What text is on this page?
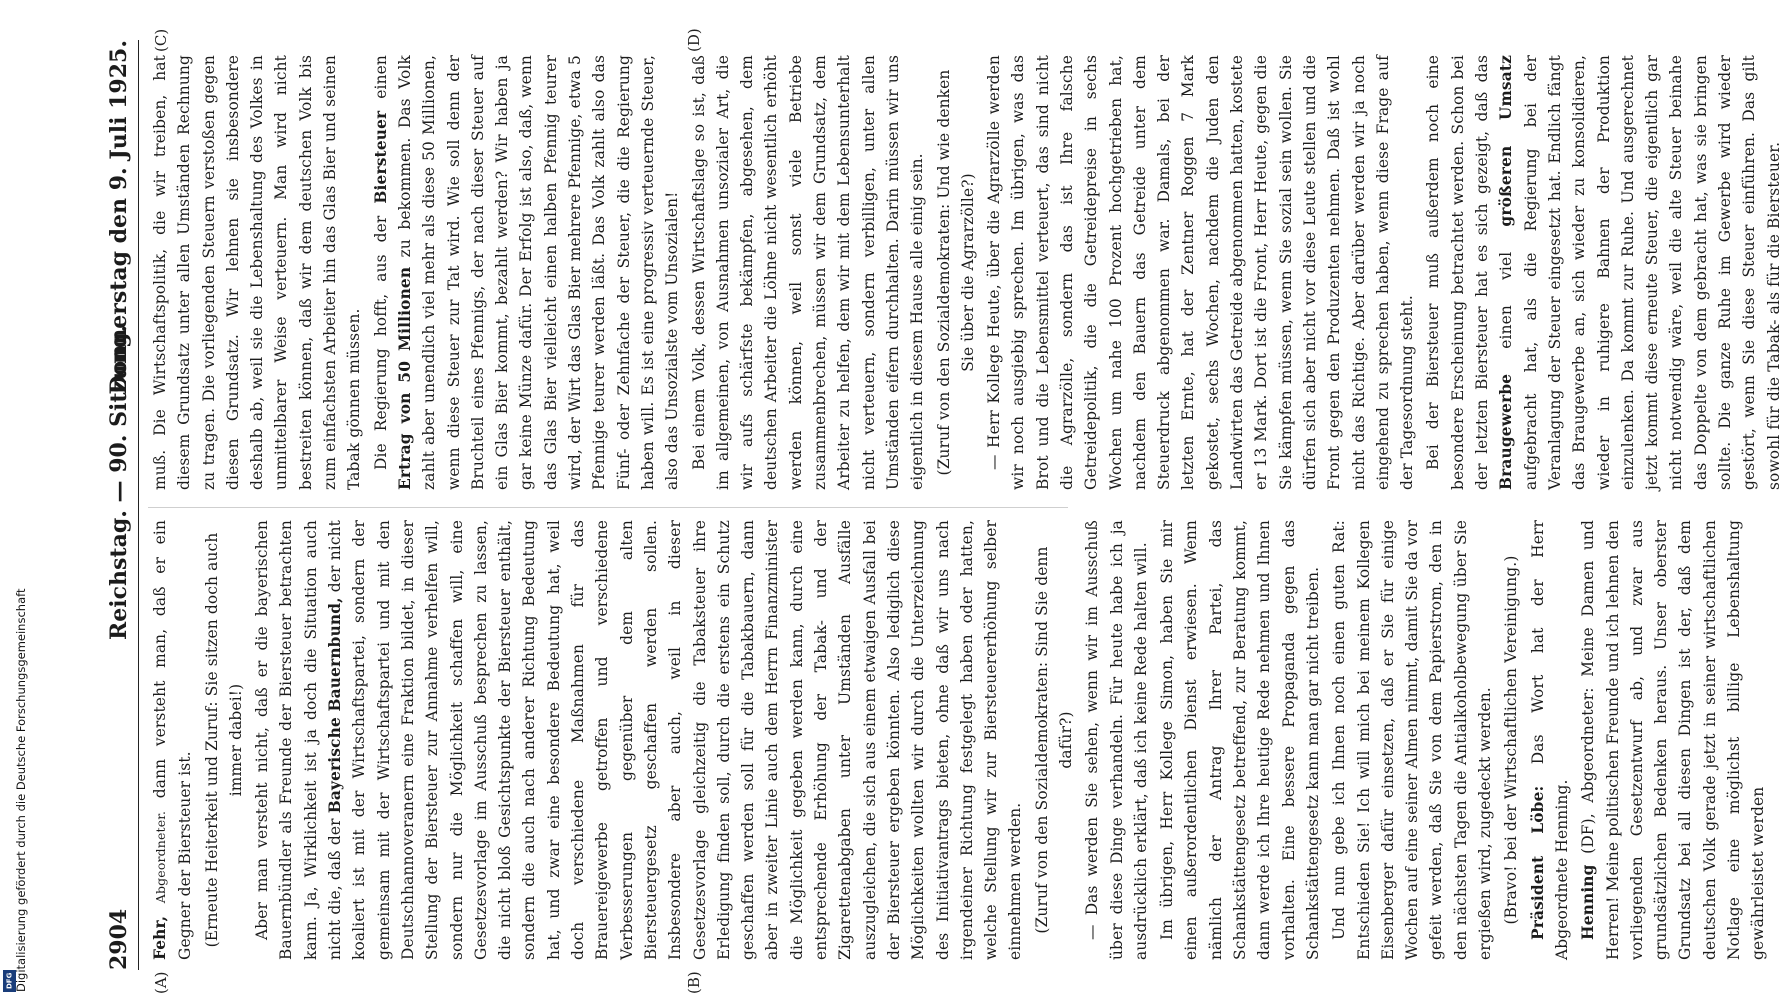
2904
Reichstag. — 90. Sitzung.
Donnerstag den 9. Juli 1925.
(A)	(B)
(C)	(D)

Fehr, Abgeordneter. dann versteht man, daß er ein Gegner der Biersteuer ist. (Erneute Heiterkeit und Zuruf: Sie sitzen doch auch immer dabei!) Aber man versteht nicht, daß er die bayerischen Bauernbündler als Freunde der Biersteuer betrachten kann. Ja, Wirklichkeit ist ja doch die Situation auch nicht die, daß der Bayerische Bauernbund, der nicht koaliert ist mit der Wirtschaftspartei, sondern der gemeinsam mit der Wirtschaftspartei und mit den Deutschhannoveranern eine Fraktion bildet, in dieser Stellung der Biersteuer zur Annahme verhelfen will, sondern nur die Möglichkeit schaffen will, eine Gesetzesvorlage im Ausschuß besprechen zu lassen, die nicht bloß Gesichtspunkte der Biersteuer enthält, sondern die auch nach anderer Richtung Bedeutung hat, und zwar eine besondere Bedeutung hat, weil doch verschiedene Maßnahmen für das Brauereigewerbe getroffen und verschiedene Verbesserungen gegenüber dem alten Biersteuergesetz geschaffen werden sollen. Insbesondere aber auch, weil in dieser Gesetzesvorlage gleichzeitig die Tabaksteuer ihre Erledigung finden soll, durch die erstens ein Schutz geschaffen werden soll für die Tabakbauern, dann aber in zweiter Linie auch dem Herrn Finanzminister die Möglichkeit gegeben werden kann, durch eine entsprechende Erhöhung der Tabak- und der Zigarettenabgaben unter Umständen Ausfälle auszugleichen, die sich aus einem etwaigen Ausfall bei der Biersteuer ergeben könnten. Also lediglich diese Möglichkeiten wollten wir durch die Unterzeichnung des Initiativantrags bieten, ohne daß wir uns nach irgendeiner Richtung festgelegt haben oder hatten, welche Stellung wir zur Biersteuererhöhung selber einnehmen werden. (Zuruf von den Sozialdemokraten: Sind Sie denn dafür?) — Das werden Sie sehen, wenn wir im Ausschuß über diese Dinge verhandeln. Für heute habe ich ja ausdrücklich erklärt, daß ich keine Rede halten will. Im übrigen, Herr Kollege Simon, haben Sie mir einen außerordentlichen Dienst erwiesen. Wenn nämlich der Antrag Ihrer Partei, das Schankstättengesetz betreffend, zur Beratung kommt, dann werde ich Ihre heutige Rede nehmen und Ihnen vorhalten. Eine bessere Propaganda gegen das Schankstättengesetz kann man gar nicht treiben. Und nun gebe ich Ihnen noch einen guten Rat: Entschieden Sie! Ich will mich bei meinem Kollegen Eisenberger dafür einsetzen, daß er Sie für einige Wochen auf eine seiner Almen nimmt, damit Sie da vor gefeit werden, daß Sie von dem Papierstrom, den in den nächsten Tagen die Antialkoholbewegung über Sie ergießen wird, zugedeckt werden. (Bravo! bei der Wirtschaftlichen Vereinigung.) Präsident Löbe: Das Wort hat der Herr Abgeordnete Henning. Henning (DF), Abgeordneter: Meine Damen und Herren! Meine politischen Freunde und ich lehnen den vorliegenden Gesetzentwurf ab, und zwar aus grundsätzlichen Bedenken heraus. Unser oberster Grundsatz bei all diesen Dingen ist der, daß dem deutschen Volk gerade jetzt in seiner wirtschaftlichen Notlage eine möglichst billige Lebenshaltung gewährleistet werden

muß. Die Wirtschaftspolitik, die wir treiben, hat diesem Grundsatz unter allen Umständen Rechnung zu tragen. Die vorliegenden Steuern verstoßen gegen diesen Grundsatz. Wir lehnen sie insbesondere deshalb ab, weil sie die Lebenshaltung des Volkes in unmittelbarer Weise verteuern. Man wird nicht bestreiten können, daß wir dem deutschen Volk bis zum einfachsten Arbeiter hin das Glas Bier und seinen Tabak gönnen müssen. Die Regierung hofft, aus der Biersteuer einen Ertrag von 50 Millionen zu bekommen. Das Volk zahlt aber unendlich viel mehr als diese 50 Millionen, wenn diese Steuer zur Tat wird. Wie soll denn der Bruchteil eines Pfennigs, der nach dieser Steuer auf ein Glas Bier kommt, bezahlt werden? Wir haben ja gar keine Münze dafür. Der Erfolg ist also, daß, wenn das Glas Bier vielleicht einen halben Pfennig teurer wird, der Wirt das Glas Bier mehrere Pfennige, etwa 5 Pfennige teurer werden läßt. Das Volk zahlt also das Fünf- oder Zehnfache der Steuer, die die Regierung haben will. Es ist eine progressiv verteuernde Steuer, also das Unsozialste vom Unsozialen! Bei einem Volk, dessen Wirtschaftslage so ist, daß im allgemeinen, von Ausnahmen unsozialer Art, die wir aufs schärfste bekämpfen, abgesehen, dem deutschen Arbeiter die Löhne nicht wesentlich erhöht werden können, weil sonst viele Betriebe zusammenbrechen, müssen wir dem Grundsatz, dem Arbeiter zu helfen, dem wir mit dem Lebensunterhalt nicht verteuern, sondern verbilligen, unter allen Umständen eifern durchhalten. Darin müssen wir uns eigentlich in diesem Hause alle einig sein. (Zuruf von den Sozialdemokraten: Und wie denken Sie über die Agrarzölle?) — Herr Kollege Heute, über die Agrarzölle werden wir noch ausgiebig sprechen. Im übrigen, was das Brot und die Lebensmittel verteuert, das sind nicht die Agrarzölle, sondern das ist Ihre falsche Getreidepolitik, die die Getreidepreise in sechs Wochen um nahe 100 Prozent hochgetrieben hat, nachdem den Bauern das Getreide unter dem Steuerdruck abgenommen war. Damals, bei der letzten Ernte, hat der Zentner Roggen 7 Mark gekostet, sechs Wochen, nachdem die Juden den Landwirten das Getreide abgenommen hatten, kostete er 13 Mark. Dort ist die Front, Herr Heute, gegen die Sie kämpfen müssen, wenn Sie sozial sein wollen. Sie dürfen sich aber nicht vor diese Leute stellen und die Front gegen den Produzenten nehmen. Daß ist wohl nicht das Richtige. Aber darüber werden wir ja noch eingehend zu sprechen haben, wenn diese Frage auf der Tagesordnung steht. Bei der Biersteuer muß außerdem noch eine besondere Erscheinung betrachtet werden. Schon bei der letzten Biersteuer hat es sich gezeigt, daß das Braugewerbe einen viel größeren Umsatz aufgebracht hat, als die Regierung bei der Veranlagung der Steuer eingesetzt hat. Endlich fängt das Braugewerbe an, sich wieder zu konsolidieren, wieder in ruhigere Bahnen der Produktion einzulenken. Da kommt zur Ruhe. Und ausgerechnet jetzt kommt diese erneute Steuer, die eigentlich gar nicht notwendig wäre, weil die alte Steuer beinahe das Doppelte von dem gebracht hat, was sie bringen sollte. Die ganze Ruhe im Gewerbe wird wieder gestört, wenn Sie diese Steuer einführen. Das gilt sowohl für die Tabak- als für die Biersteuer.

DFG Digitalisierung gefördert durch die Deutsche Forschungsgemeinschaft
